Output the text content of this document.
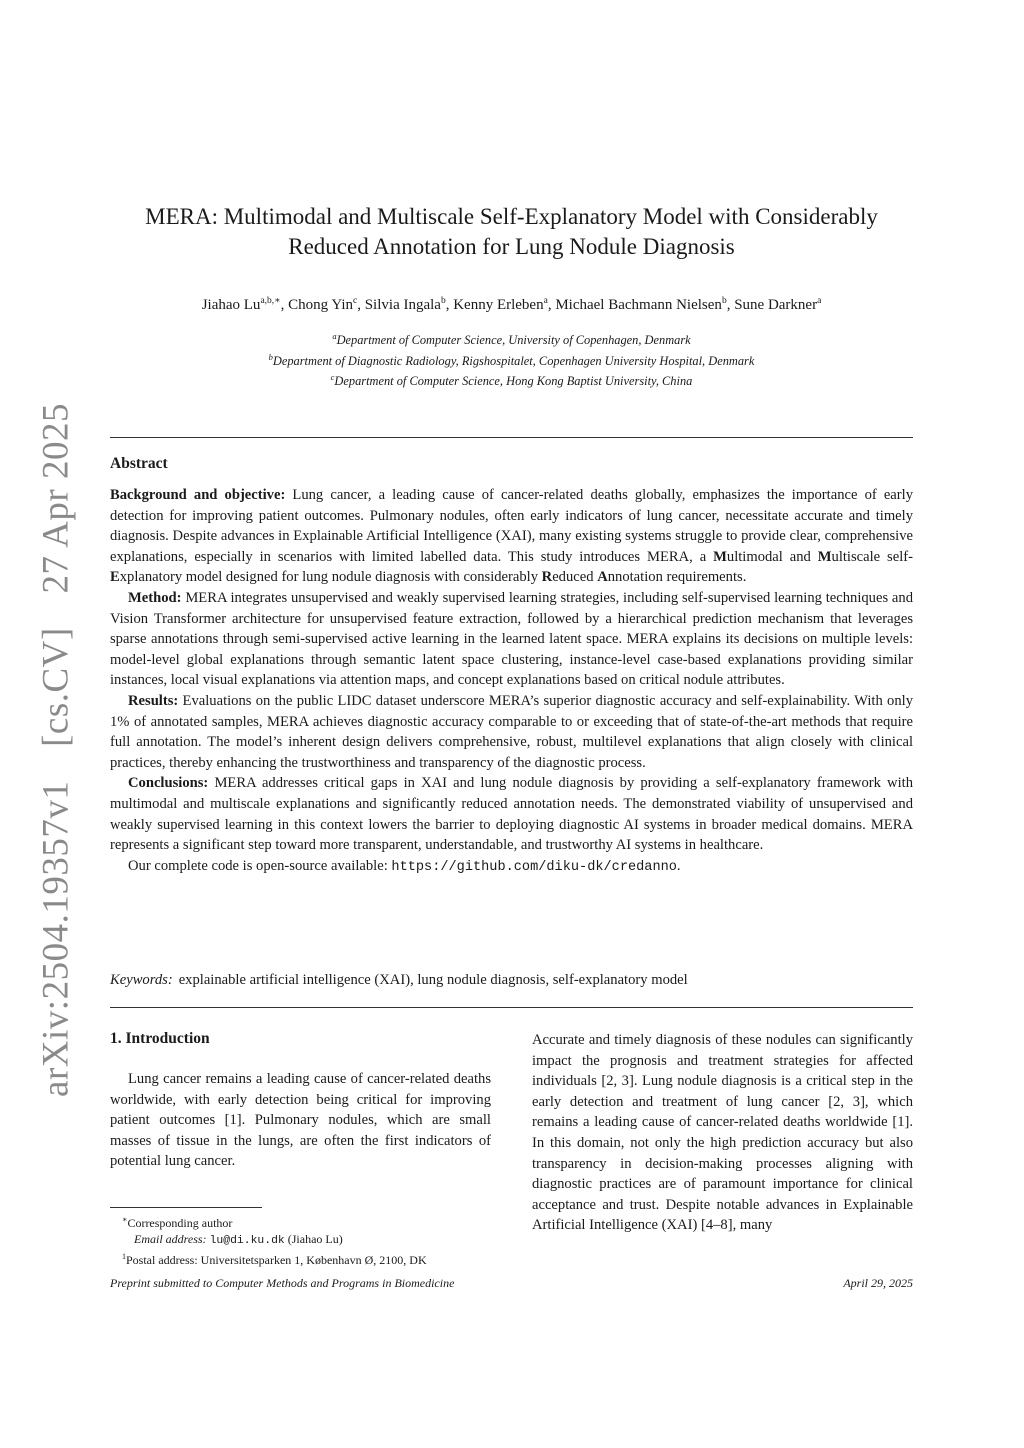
arXiv:2504.19357v1 [cs.CV] 27 Apr 2025
MERA: Multimodal and Multiscale Self-Explanatory Model with Considerably
Reduced Annotation for Lung Nodule Diagnosis
Jiahao $Lu^{a,b,∗}$, Chong Yin$^c$, Silvia Ingala$^b$, Kenny Erleben$^a$, Michael Bachmann Nielsen$^b$, Sune Darkner$^a$
$^a$Department of Computer Science, University of Copenhagen, Denmark
$^b$Department of Diagnostic Radiology, Rigshospitalet, Copenhagen University Hospital, Denmark
$^c$Department of Computer Science, Hong Kong Baptist University, China
Abstract

Background and objective: Lung cancer, a leading cause of cancer-related deaths globally, emphasizes the importance of early detection for improving patient outcomes. Pulmonary nodules, often early indicators of lung cancer, necessitate accurate and timely diagnosis. Despite advances in Explainable Artificial Intelligence (XAI), many existing systems struggle to provide clear, comprehensive explanations, especially in scenarios with limited labelled data. This study introduces MERA, a Multimodal and Multiscale self-Explanatory model designed for lung nodule diagnosis with considerably Reduced Annotation requirements.

Method: MERA integrates unsupervised and weakly supervised learning strategies, including self-supervised learning techniques and Vision Transformer architecture for unsupervised feature extraction, followed by a hierarchical prediction mechanism that leverages sparse annotations through semi-supervised active learning in the learned latent space. MERA explains its decisions on multiple levels: model-level global explanations through semantic latent space clustering, instance-level case-based explanations providing similar instances, local visual explanations via attention maps, and concept explanations based on critical nodule attributes.

Results: Evaluations on the public LIDC dataset underscore MERA’s superior diagnostic accuracy and self-explainability. With only 1% of annotated samples, MERA achieves diagnostic accuracy comparable to or exceeding that of state-of-the-art methods that require full annotation. The model’s inherent design delivers comprehensive, robust, multilevel explanations that align closely with clinical practices, thereby enhancing the trustworthiness and transparency of the diagnostic process.

Conclusions: MERA addresses critical gaps in XAI and lung nodule diagnosis by providing a self-explanatory framework with multimodal and multiscale explanations and significantly reduced annotation needs. The demonstrated viability of unsupervised and weakly supervised learning in this context lowers the barrier to deploying diagnostic AI systems in broader medical domains. MERA represents a significant step toward more transparent, understandable, and trustworthy AI systems in healthcare.

Our complete code is open-source available: https://github.com/diku-dk/credanno.

Keywords: explainable artificial intelligence (XAI), lung nodule diagnosis, self-explanatory model
1. Introduction

Lung cancer remains a leading cause of cancer-related deaths worldwide, with early detection being critical for improving patient outcomes [1]. Pulmonary nodules, which are small masses of tissue in the lungs, are often the first indicators of potential lung cancer.

Accurate and timely diagnosis of these nodules can significantly impact the prognosis and treatment strategies for affected individuals [2, 3]. Lung nodule diagnosis is a critical step in the early detection and treatment of lung cancer [2, 3], which remains a leading cause of cancer-related deaths worldwide [1]. In this domain, not only the high prediction accuracy but also transparency in decision-making processes aligning with diagnostic practices are of paramount importance for clinical acceptance and trust. Despite notable advances in Explainable Artificial Intelligence (XAI) [4–8], many

∗Corresponding author
Email address: lu@di.ku.dk (Jiahao Lu)
$^1$Postal address: Universitetsparken 1, København Ø, 2100, DK
Preprint submitted to Computer Methods and Programs in Biomedicine	April 29, 2025
